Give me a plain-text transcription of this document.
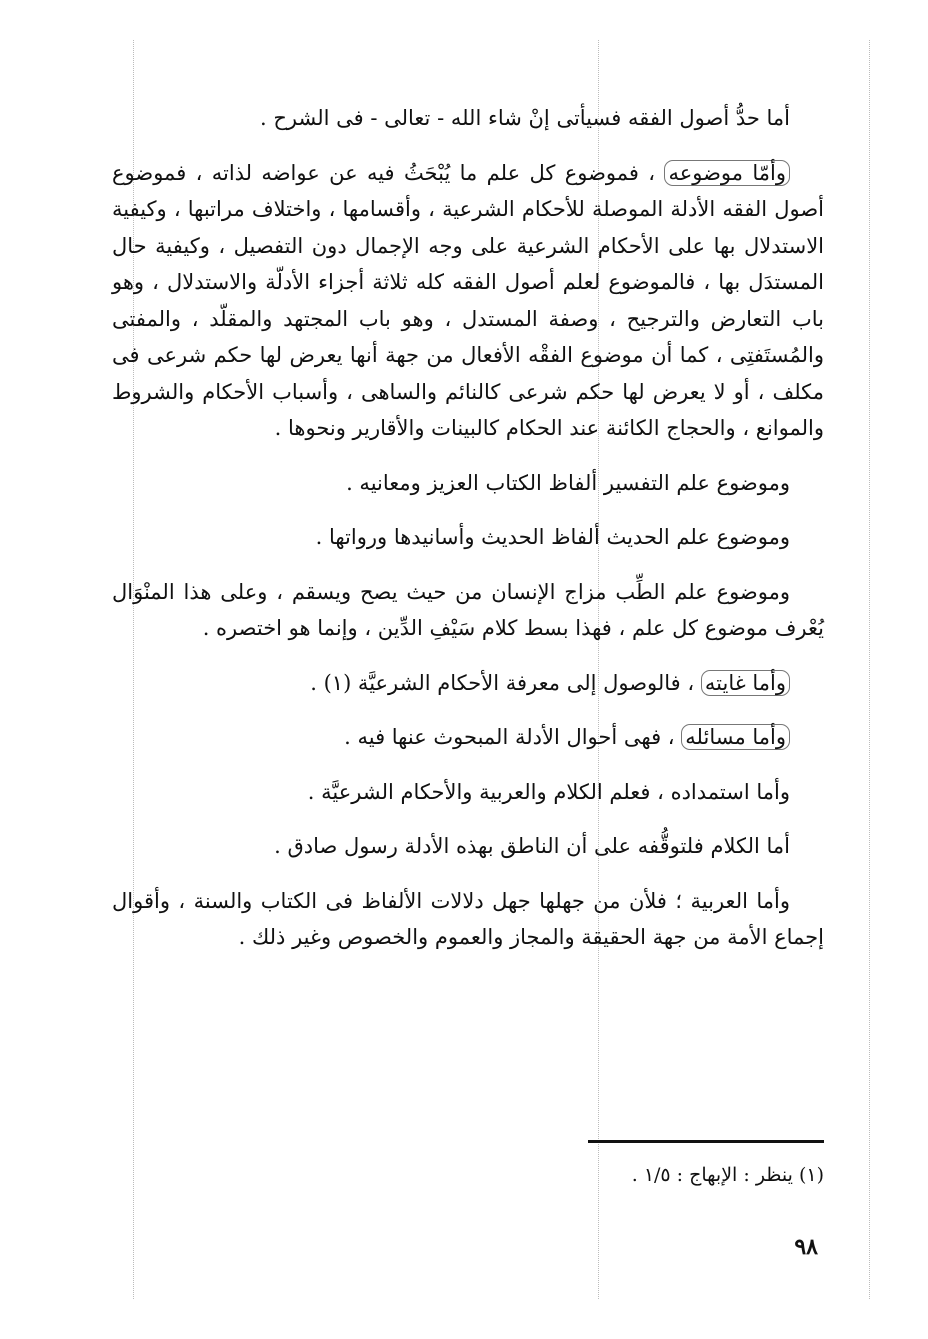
أما حدُّ أصول الفقه فسيأتى إنْ شاء الله - تعالى - فى الشرح .

وأمّا موضوعه ، فموضوع كل علم ما يُبْحَثُ فيه عن عواضه لذاته ، فموضوع أصول الفقه الأدلة الموصلة للأحكام الشرعية ، وأقسامها ، واختلاف مراتبها ، وكيفية الاستدلال بها على الأحكام الشرعية على وجه الإجمال دون التفصيل ، وكيفية حال المستدَل بها ، فالموضوع لعلم أصول الفقه كله ثلاثة أجزاء الأدلّة والاستدلال ، وهو باب التعارض والترجيح ، وصفة المستدل ، وهو باب المجتهد والمقلّد ، والمفتى والمُستَفتِى ، كما أن موضوع الفقْه الأفعال من جهة أنها يعرض لها حكم شرعى فى مكلف ، أو لا يعرض لها حكم شرعى كالنائم والساهى ، وأسباب الأحكام والشروط والموانع ، والحجاج الكائنة عند الحكام كالبينات والأقارير ونحوها .

وموضوع علم التفسير ألفاظ الكتاب العزيز ومعانيه .

وموضوع علم الحديث ألفاظ الحديث وأسانيدها ورواتها .

وموضوع علم الطِّب مزاج الإنسان من حيث يصح ويسقم ، وعلى هذا المنْوَال يُعْرف موضوع كل علم ، فهذا بسط كلام سَيْفِ الدِّين ، وإنما هو اختصره .

وأما غايته ، فالوصول إلى معرفة الأحكام الشرعيَّة (١) .

وأما مسائله ، فهى أحوال الأدلة المبحوث عنها فيه .

وأما استمداده ، فعلم الكلام والعربية والأحكام الشرعيَّة .

أما الكلام فلتوقُّفه على أن الناطق بهذه الأدلة رسول صادق .

وأما العربية ؛ فلأن من جهلها جهل دلالات الألفاظ فى الكتاب والسنة ، وأقوال إجماع الأمة من جهة الحقيقة والمجاز والعموم والخصوص وغير ذلك .

(١) ينظر : الإبهاج : ١/٥ .
٩٨
